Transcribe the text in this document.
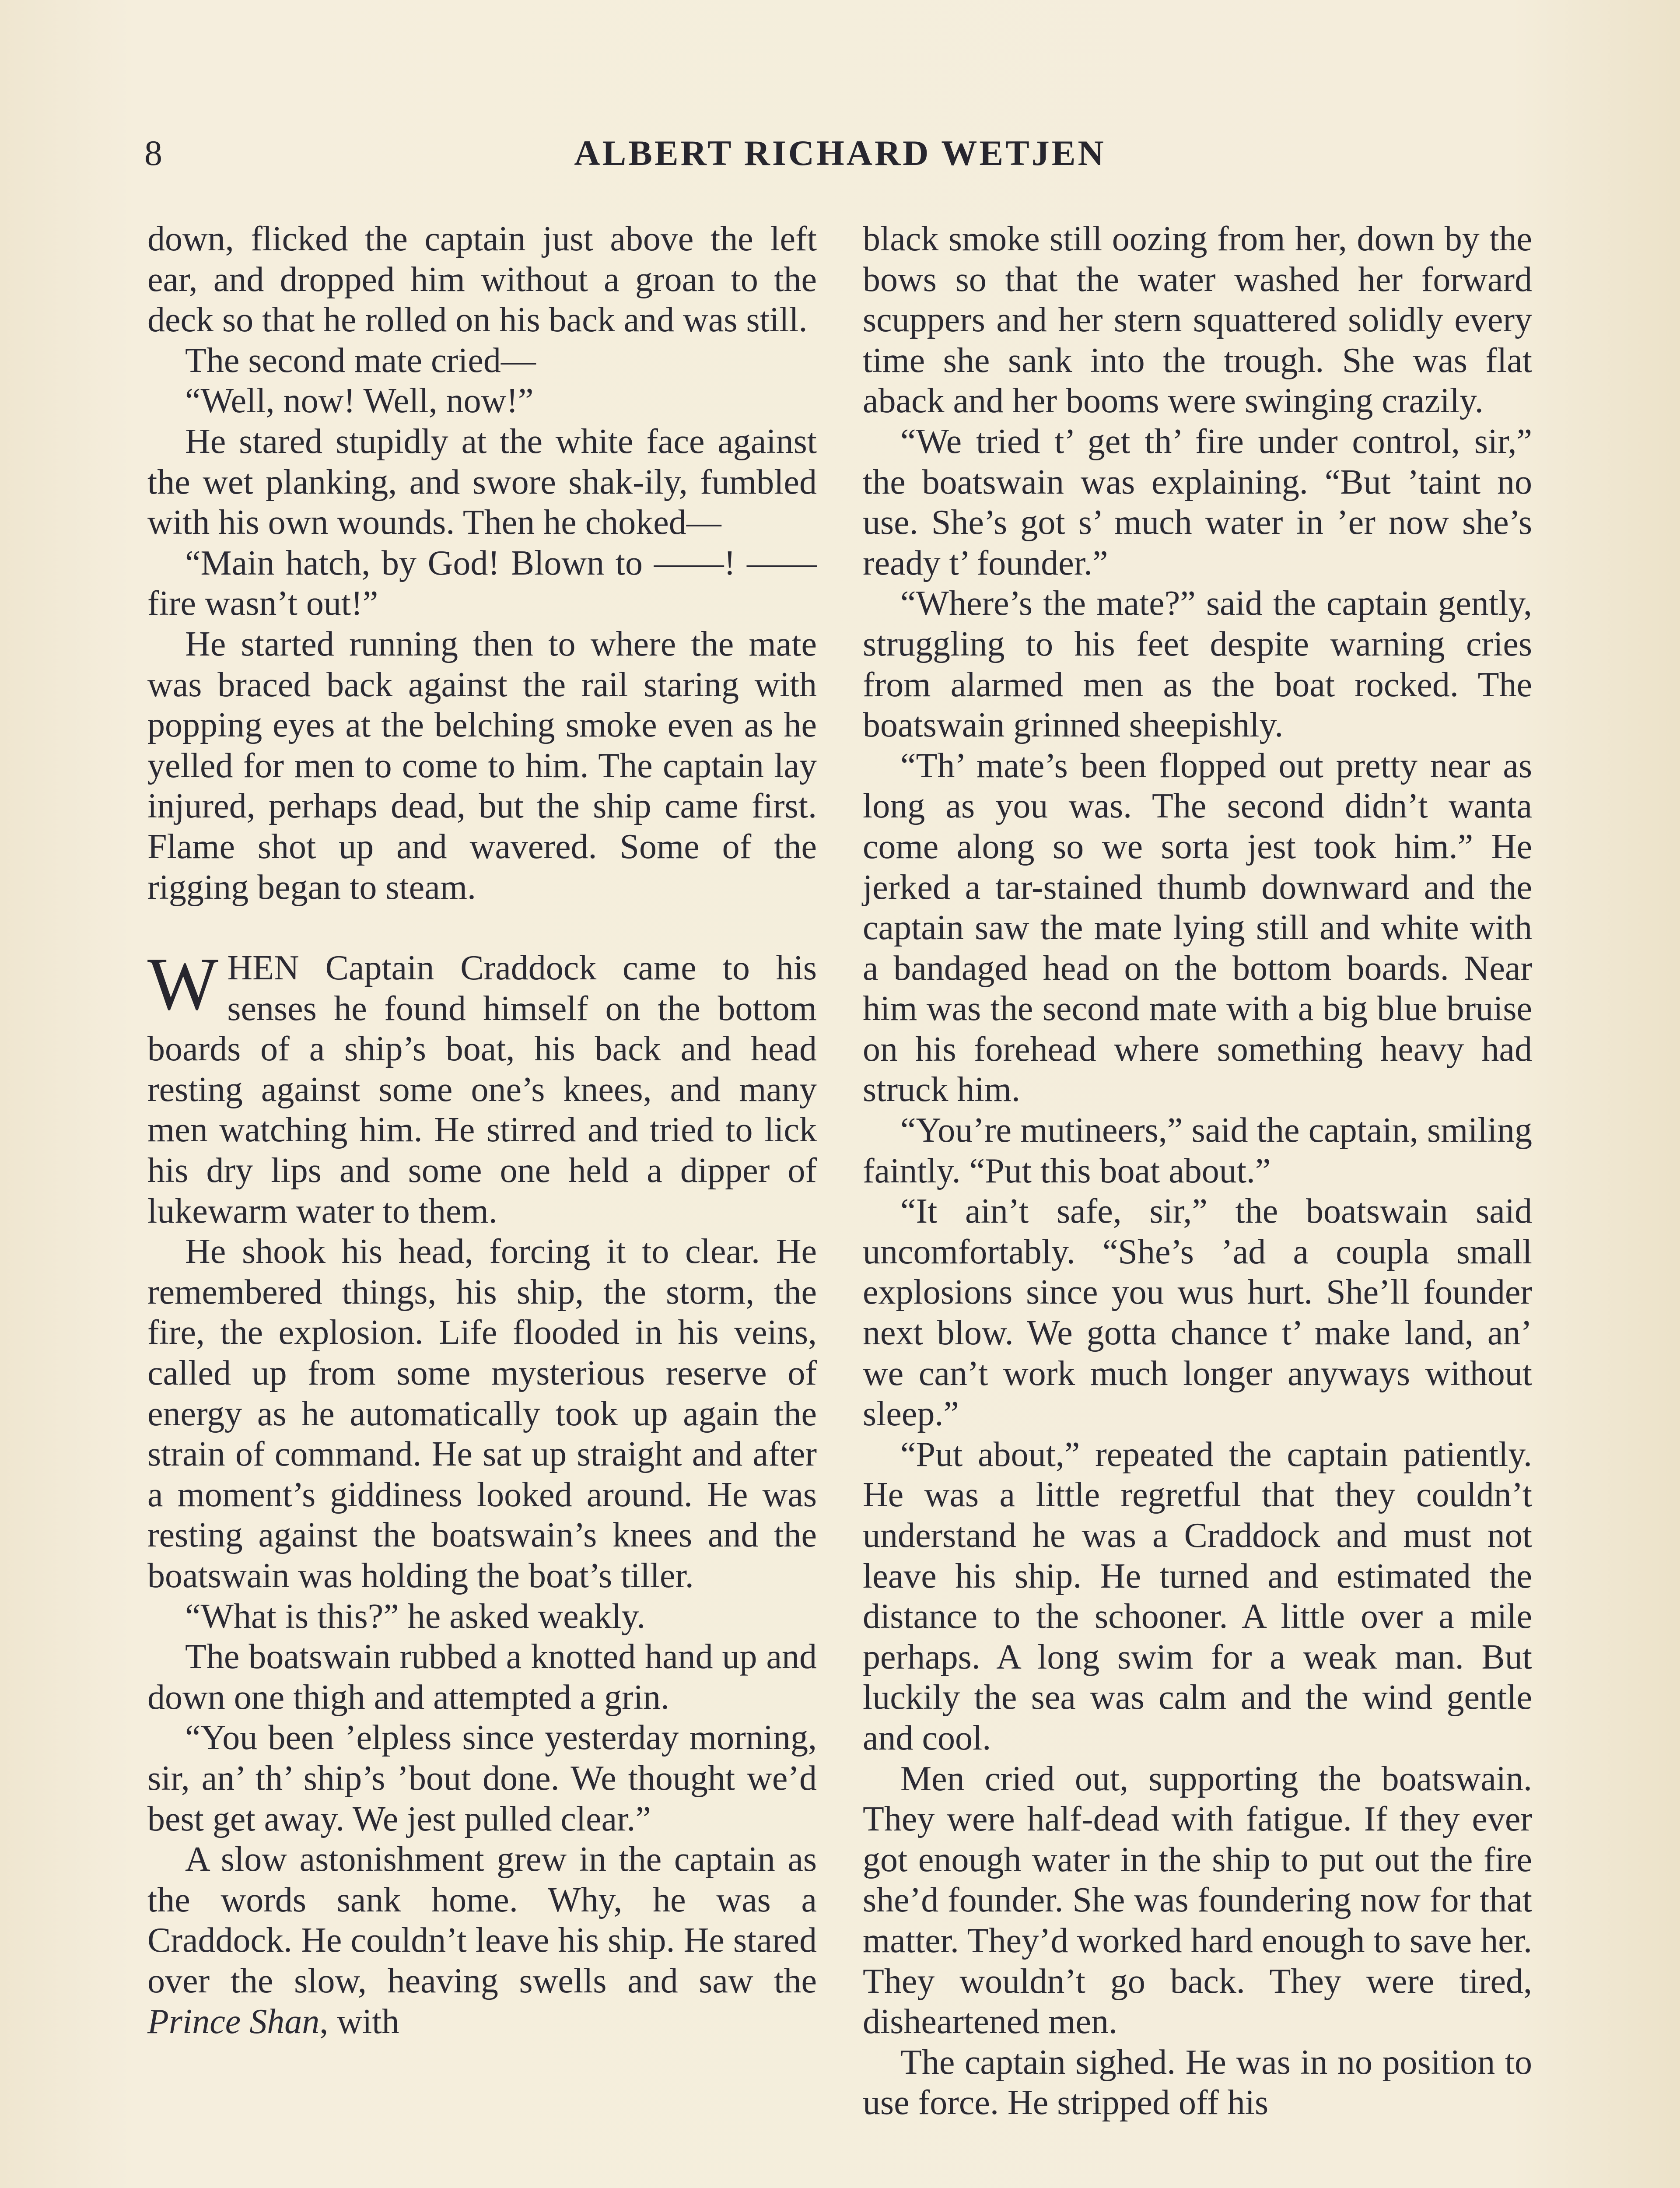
8	ALBERT RICHARD WETJEN

down, flicked the captain just above the left ear, and dropped him without a groan to the deck so that he rolled on his back and was still.

The second mate cried—

“Well, now! Well, now!”

He stared stupidly at the white face against the wet planking, and swore shak-ily, fumbled with his own wounds. Then he choked—

“Main hatch, by God! Blown to ——! —— fire wasn’t out!”

He started running then to where the mate was braced back against the rail staring with popping eyes at the belching smoke even as he yelled for men to come to him. The captain lay injured, perhaps dead, but the ship came first. Flame shot up and wavered. Some of the rigging began to steam.

WHEN Captain Craddock came to his senses he found himself on the bottom boards of a ship’s boat, his back and head resting against some one’s knees, and many men watching him. He stirred and tried to lick his dry lips and some one held a dipper of lukewarm water to them.

He shook his head, forcing it to clear. He remembered things, his ship, the storm, the fire, the explosion. Life flooded in his veins, called up from some mysterious reserve of energy as he automatically took up again the strain of command. He sat up straight and after a moment’s giddiness looked around. He was resting against the boatswain’s knees and the boatswain was holding the boat’s tiller.

“What is this?” he asked weakly.

The boatswain rubbed a knotted hand up and down one thigh and attempted a grin.

“You been ’elpless since yesterday morning, sir, an’ th’ ship’s ’bout done. We thought we’d best get away. We jest pulled clear.”

A slow astonishment grew in the captain as the words sank home. Why, he was a Craddock. He couldn’t leave his ship. He stared over the slow, heaving swells and saw the Prince Shan, with

black smoke still oozing from her, down by the bows so that the water washed her forward scuppers and her stern squattered solidly every time she sank into the trough. She was flat aback and her booms were swinging crazily.

“We tried t’ get th’ fire under control, sir,” the boatswain was explaining. “But ’taint no use. She’s got s’ much water in ’er now she’s ready t’ founder.”

“Where’s the mate?” said the captain gently, struggling to his feet despite warning cries from alarmed men as the boat rocked. The boatswain grinned sheepishly.

“Th’ mate’s been flopped out pretty near as long as you was. The second didn’t wanta come along so we sorta jest took him.” He jerked a tar-stained thumb downward and the captain saw the mate lying still and white with a bandaged head on the bottom boards. Near him was the second mate with a big blue bruise on his forehead where something heavy had struck him.

“You’re mutineers,” said the captain, smiling faintly. “Put this boat about.”

“It ain’t safe, sir,” the boatswain said uncomfortably. “She’s ’ad a coupla small explosions since you wus hurt. She’ll founder next blow. We gotta chance t’ make land, an’ we can’t work much longer anyways without sleep.”

“Put about,” repeated the captain patiently. He was a little regretful that they couldn’t understand he was a Craddock and must not leave his ship. He turned and estimated the distance to the schooner. A little over a mile perhaps. A long swim for a weak man. But luckily the sea was calm and the wind gentle and cool.

Men cried out, supporting the boatswain. They were half-dead with fatigue. If they ever got enough water in the ship to put out the fire she’d founder. She was foundering now for that matter. They’d worked hard enough to save her. They wouldn’t go back. They were tired, disheartened men.

The captain sighed. He was in no position to use force. He stripped off his
